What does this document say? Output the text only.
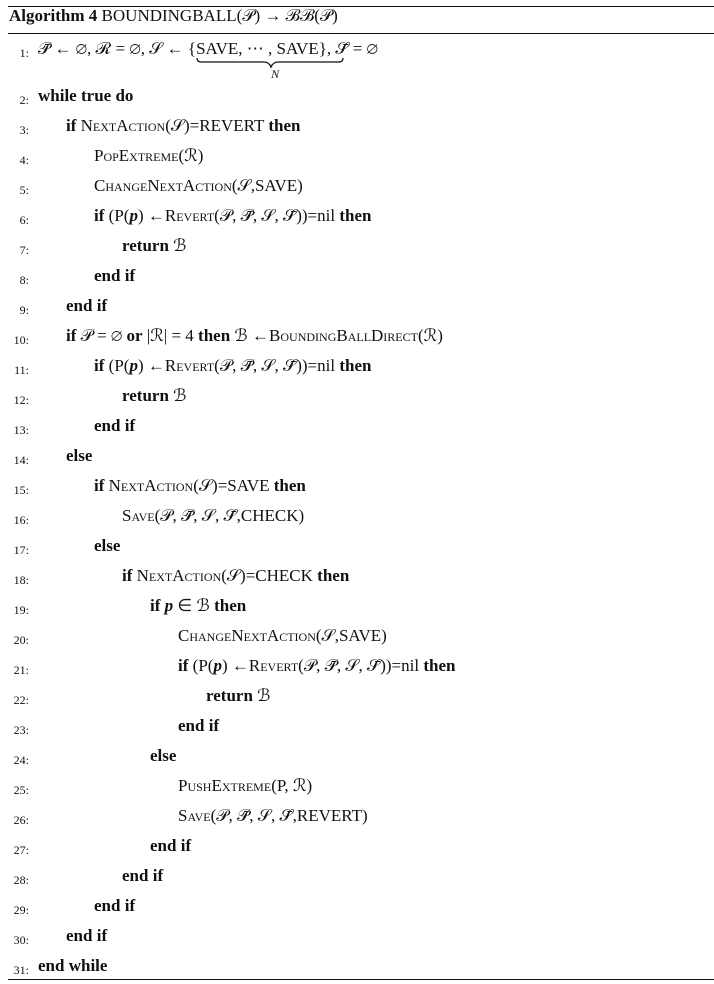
Algorithm 4 BOUNDINGBALL(𝒫) → ℬℬ(𝒫)
1: 𝒫̄ ← ∅, ℛ = ∅, 𝒮 ← {SAVE, ⋯ , SAVE
N
}, 𝒮̄ = ∅
2: while true do
3: if NextAction(𝒮)=REVERT then
4:	PopExtreme(ℛ)
5:	ChangeNextAction(𝒮,SAVE)
6:	if (P(p) ←Revert(𝒫, 𝒫̄, 𝒮, 𝒮̄))=nil then
7:	return ℬ
8:	end if
9: end if
10: if 𝒫 = ∅ or |ℛ| = 4 then ℬ ←BoundingBallDirect(ℛ)
11:	if (P(p) ←Revert(𝒫, 𝒫̄, 𝒮, 𝒮̄))=nil then
12:	return ℬ
13:	end if
14: else
15:	if NextAction(𝒮)=SAVE then
16:	Save(𝒫, 𝒫̄, 𝒮, 𝒮̄,CHECK)
17:	else
18:	if NextAction(𝒮)=CHECK then
19:	if p ∈ ℬ then
20:	ChangeNextAction(𝒮,SAVE)
21:	if (P(p) ←Revert(𝒫, 𝒫̄, 𝒮, 𝒮̄))=nil then
22:	return ℬ
23:	end if
24:	else
25:	PushExtreme(P, ℛ)
26:	Save(𝒫, 𝒫̄, 𝒮, 𝒮̄,REVERT)
27:	end if
28:	end if
29:	end if
30: end if
31: end while
